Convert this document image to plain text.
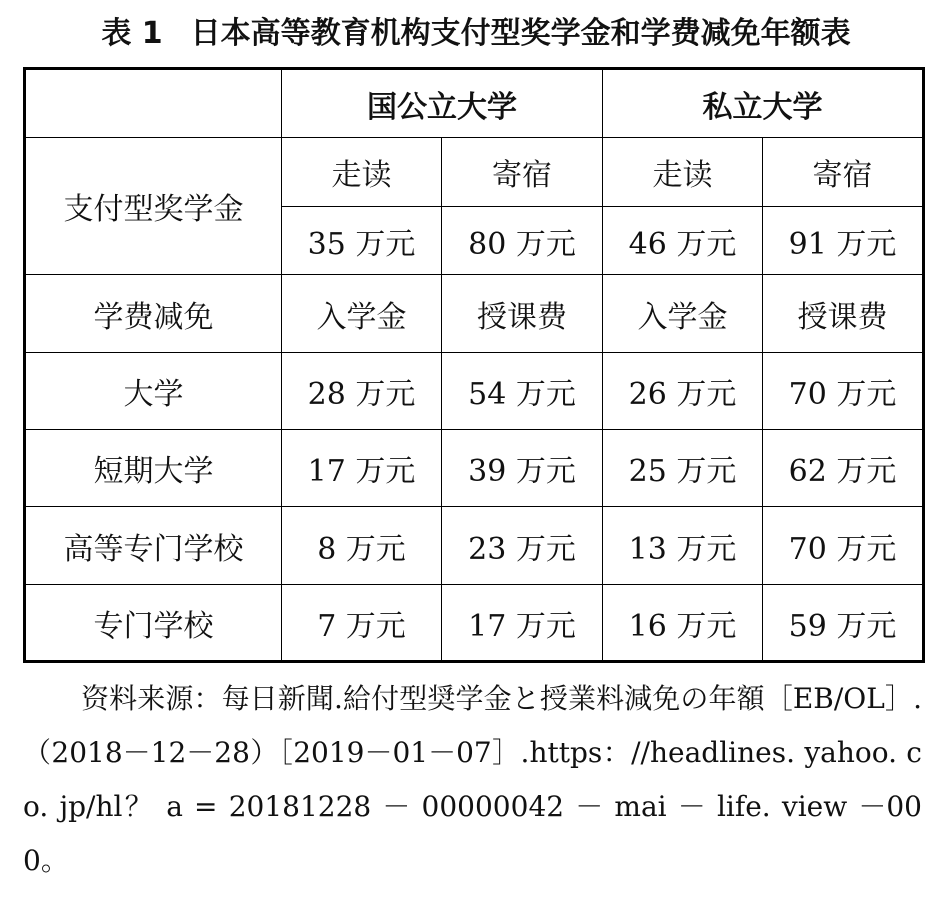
表 1 日本高等教育机构支付型奖学金和学费减免年额表
	国公立大学		私立大学	
支付型奖学金	走读	寄宿	走读	寄宿
	35 万元	80 万元	46 万元	91 万元
学费减免	入学金	授课费	入学金	授课费
大学	28 万元	54 万元	26 万元	70 万元
短期大学	17 万元	39 万元	25 万元	62 万元
高等专门学校	8 万元	23 万元	13 万元	70 万元
专门学校	7 万元	17 万元	16 万元	59 万元
资料来源：每日新聞.給付型奨学金と授業料減免の年額［EB/OL］.（2018－12－28）［2019－01－07］.https：//headlines. yahoo. co. jp/hl？ a = 20181228 － 00000042 － mai － life. view －000。
